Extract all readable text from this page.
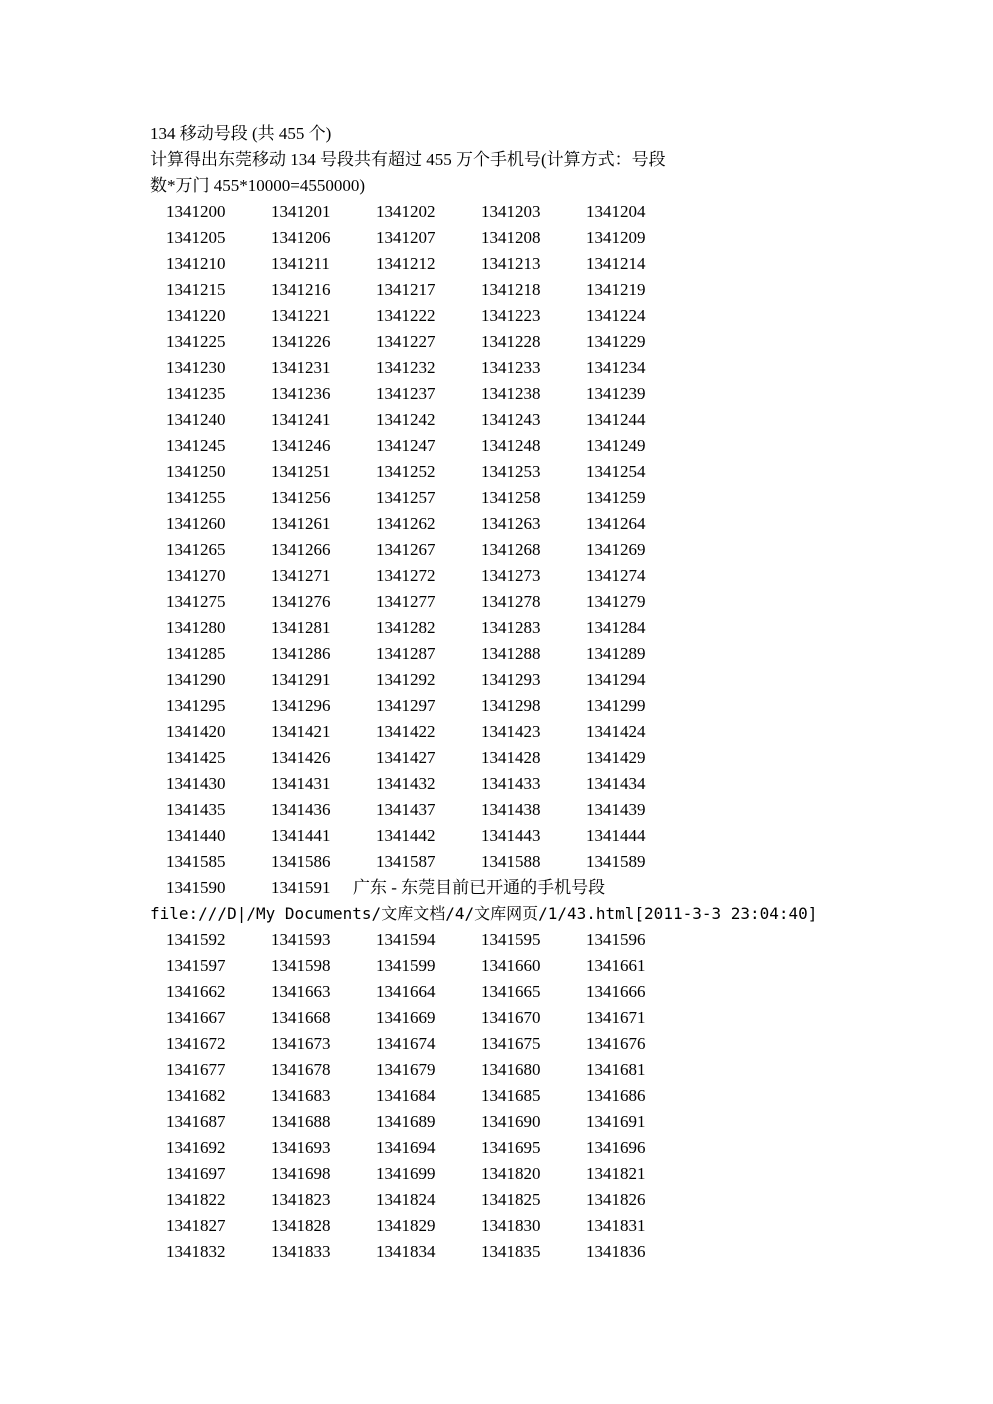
134 移动号段 (共 455 个)
计算得出东莞移动 134 号段共有超过 455 万个手机号(计算方式：号段
数*万门 455*10000=4550000)
1341200	1341201	1341202	1341203	1341204
1341205	1341206	1341207	1341208	1341209
1341210	1341211	1341212	1341213	1341214
1341215	1341216	1341217	1341218	1341219
1341220	1341221	1341222	1341223	1341224
1341225	1341226	1341227	1341228	1341229
1341230	1341231	1341232	1341233	1341234
1341235	1341236	1341237	1341238	1341239
1341240	1341241	1341242	1341243	1341244
1341245	1341246	1341247	1341248	1341249
1341250	1341251	1341252	1341253	1341254
1341255	1341256	1341257	1341258	1341259
1341260	1341261	1341262	1341263	1341264
1341265	1341266	1341267	1341268	1341269
1341270	1341271	1341272	1341273	1341274
1341275	1341276	1341277	1341278	1341279
1341280	1341281	1341282	1341283	1341284
1341285	1341286	1341287	1341288	1341289
1341290	1341291	1341292	1341293	1341294
1341295	1341296	1341297	1341298	1341299
1341420	1341421	1341422	1341423	1341424
1341425	1341426	1341427	1341428	1341429
1341430	1341431	1341432	1341433	1341434
1341435	1341436	1341437	1341438	1341439
1341440	1341441	1341442	1341443	1341444
1341585	1341586	1341587	1341588	1341589
1341590	1341591 广东 - 东莞目前已开通的手机号段
file:///D|/My Documents/文库文档/4/文库网页/1/43.html[2011-3-3 23:04:40]
1341592	1341593	1341594	1341595	1341596
1341597	1341598	1341599	1341660	1341661
1341662	1341663	1341664	1341665	1341666
1341667	1341668	1341669	1341670	1341671
1341672	1341673	1341674	1341675	1341676
1341677	1341678	1341679	1341680	1341681
1341682	1341683	1341684	1341685	1341686
1341687	1341688	1341689	1341690	1341691
1341692	1341693	1341694	1341695	1341696
1341697	1341698	1341699	1341820	1341821
1341822	1341823	1341824	1341825	1341826
1341827	1341828	1341829	1341830	1341831
1341832	1341833	1341834	1341835	1341836
